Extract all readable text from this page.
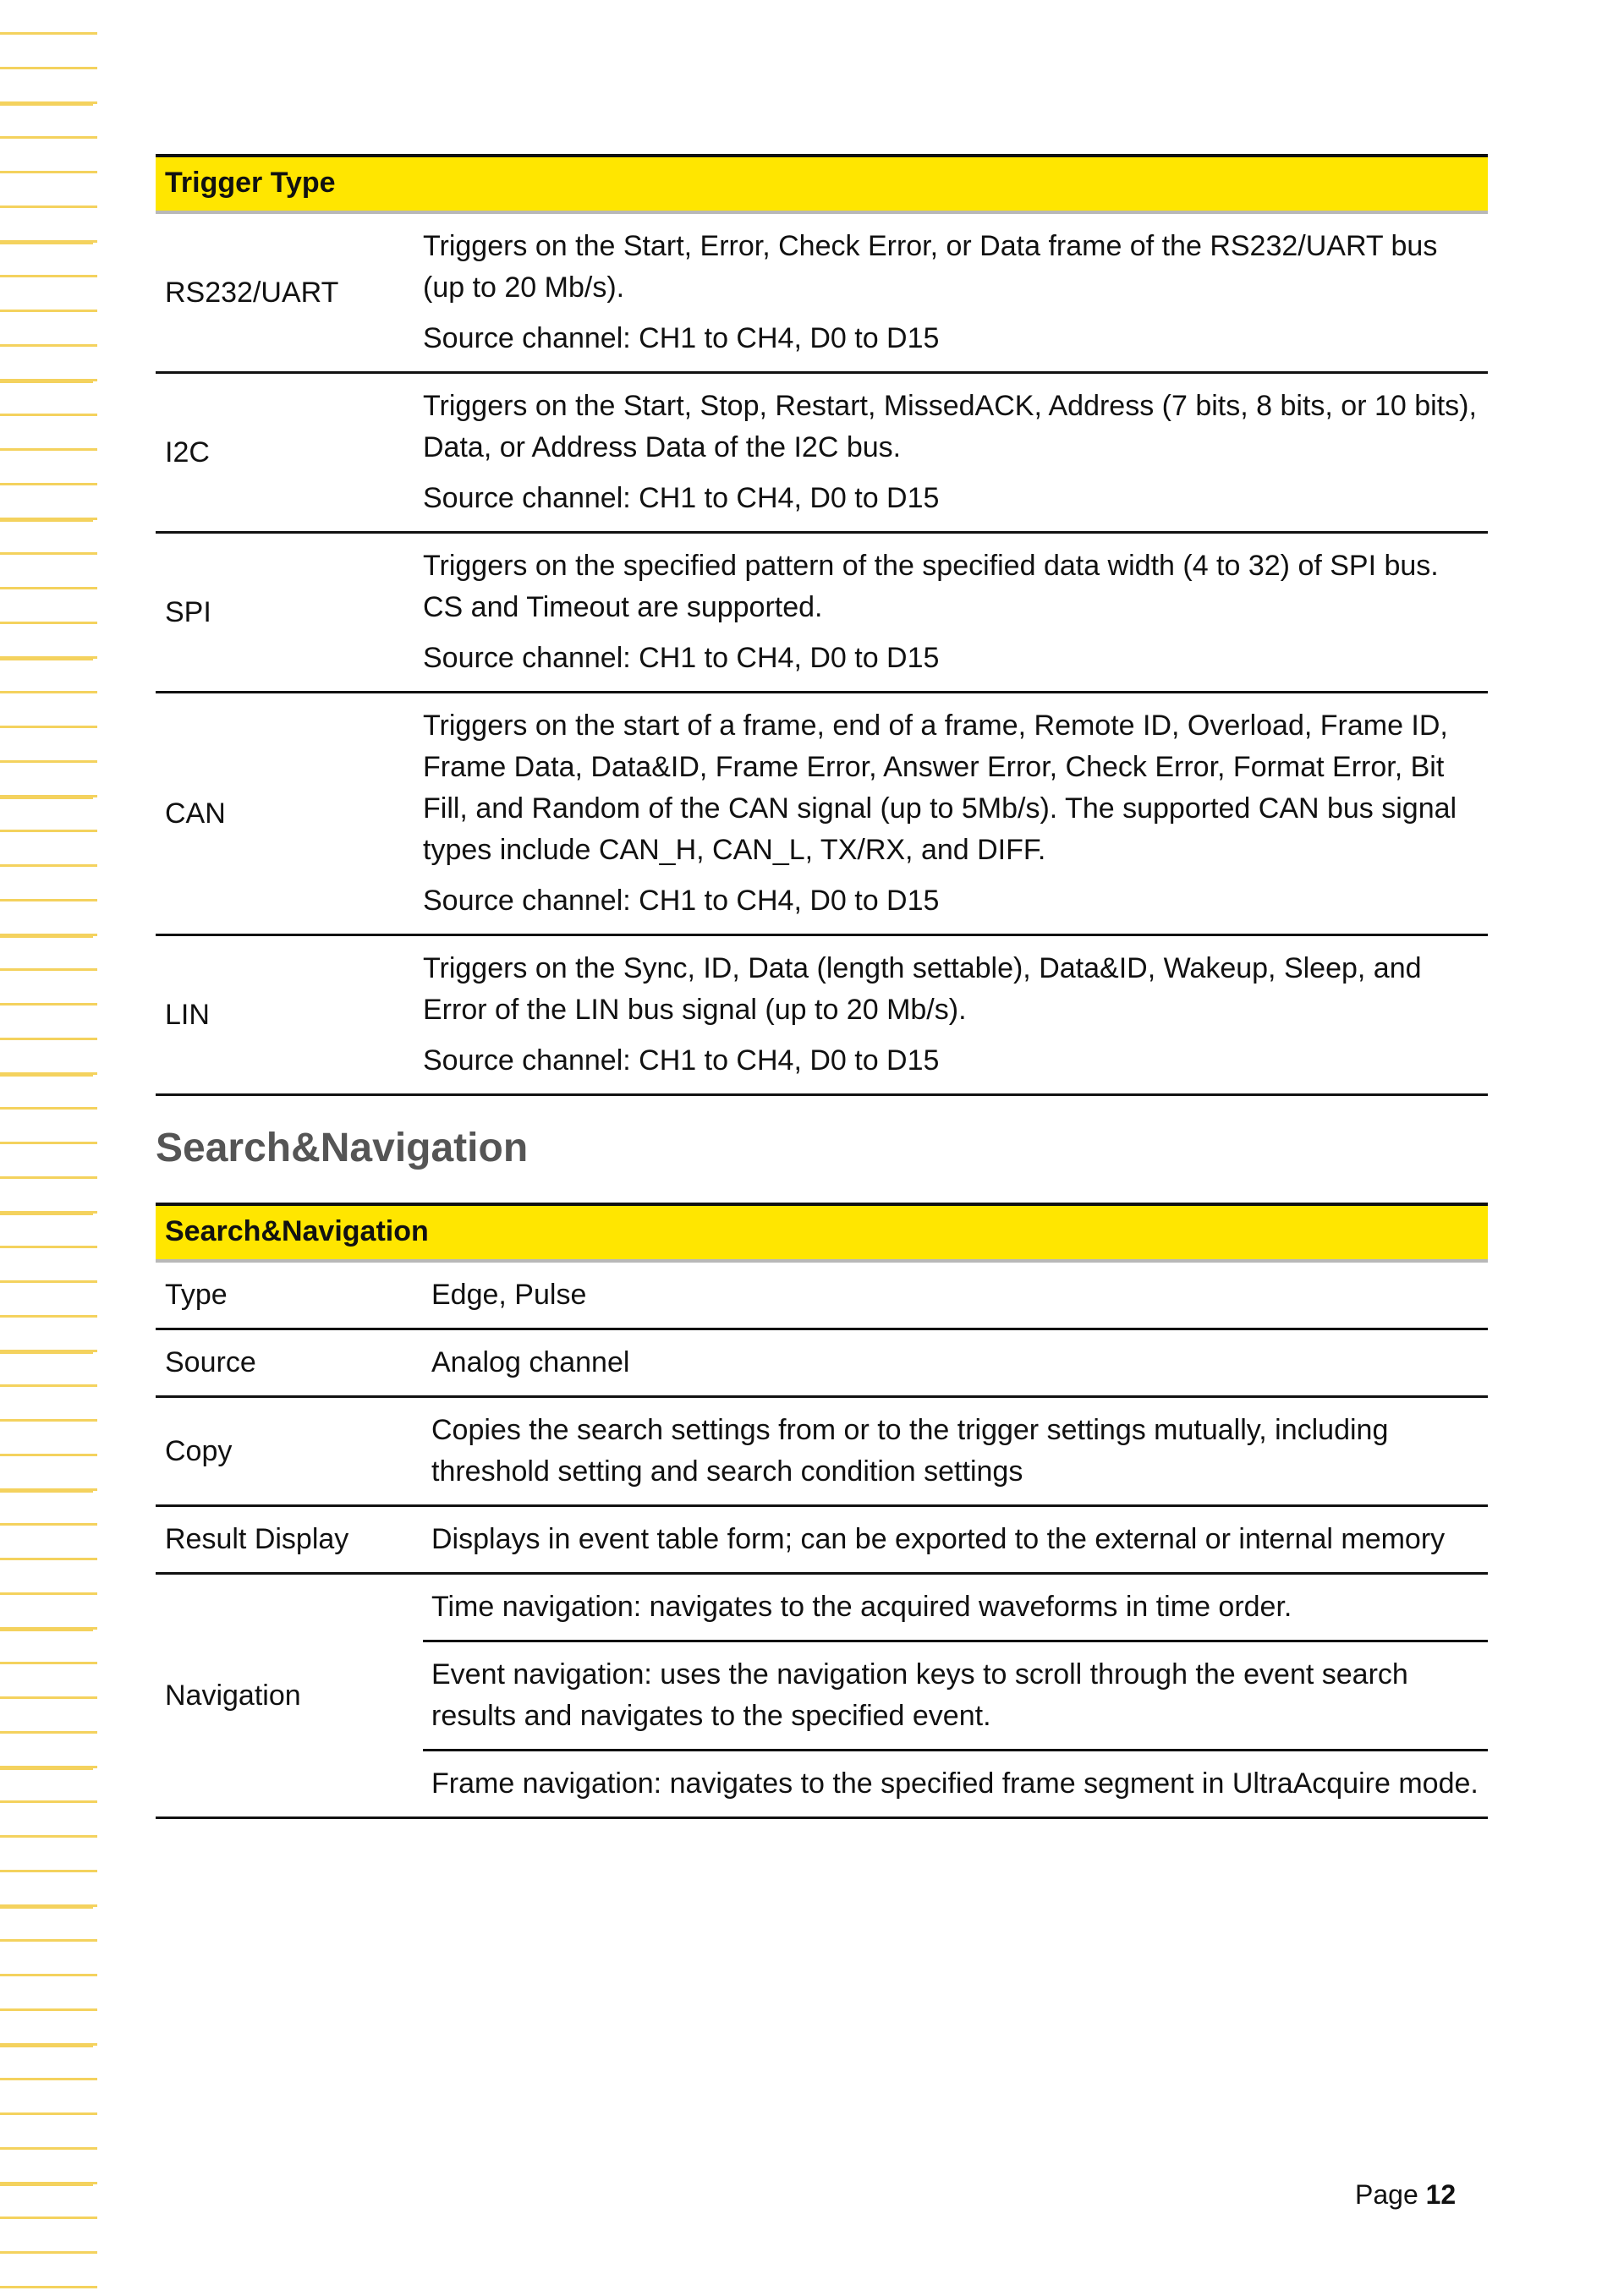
Trigger Type	
RS232/UART	Triggers on the Start, Error, Check Error, or Data frame of the RS232/UART bus (up to 20 Mb/s).

Source channel: CH1 to CH4, D0 to D15

I2C	Triggers on the Start, Stop, Restart, MissedACK, Address (7 bits, 8 bits, or 10 bits), Data, or Address Data of the I2C bus.

Source channel: CH1 to CH4, D0 to D15

SPI	Triggers on the specified pattern of the specified data width (4 to 32) of SPI bus. CS and Timeout are supported.

Source channel: CH1 to CH4, D0 to D15

CAN	Triggers on the start of a frame, end of a frame, Remote ID, Overload, Frame ID, Frame Data, Data&ID, Frame Error, Answer Error, Check Error, Format Error, Bit Fill, and Random of the CAN signal (up to 5Mb/s). The supported CAN bus signal types include CAN_H, CAN_L, TX/RX, and DIFF.

Source channel: CH1 to CH4, D0 to D15

LIN	Triggers on the Sync, ID, Data (length settable), Data&ID, Wakeup, Sleep, and Error of the LIN bus signal (up to 20 Mb/s).

Source channel: CH1 to CH4, D0 to D15

Search&Navigation
Search&Navigation	
Type	Edge, Pulse
Source	Analog channel
Copy	Copies the search settings from or to the trigger settings mutually, including threshold setting and search condition settings
Result Display	Displays in event table form; can be exported to the external or internal memory
Navigation	Time navigation: navigates to the acquired waveforms in time order.
	Event navigation: uses the navigation keys to scroll through the event search results and navigates to the specified event.
	Frame navigation: navigates to the specified frame segment in UltraAcquire mode.
Page 12
